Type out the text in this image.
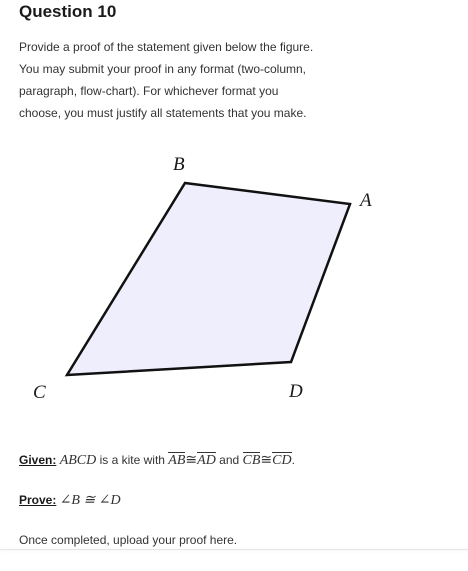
Question 10
Provide a proof of the statement given below the figure.
You may submit your proof in any format (two-column,
paragraph, flow-chart). For whichever format you
choose, you must justify all statements that you make.
B
A
C	D
Given: ABCD is a kite with AB≅AD and CB≅CD.
Prove: ∠B ≅ ∠D
Once completed, upload your proof here.
